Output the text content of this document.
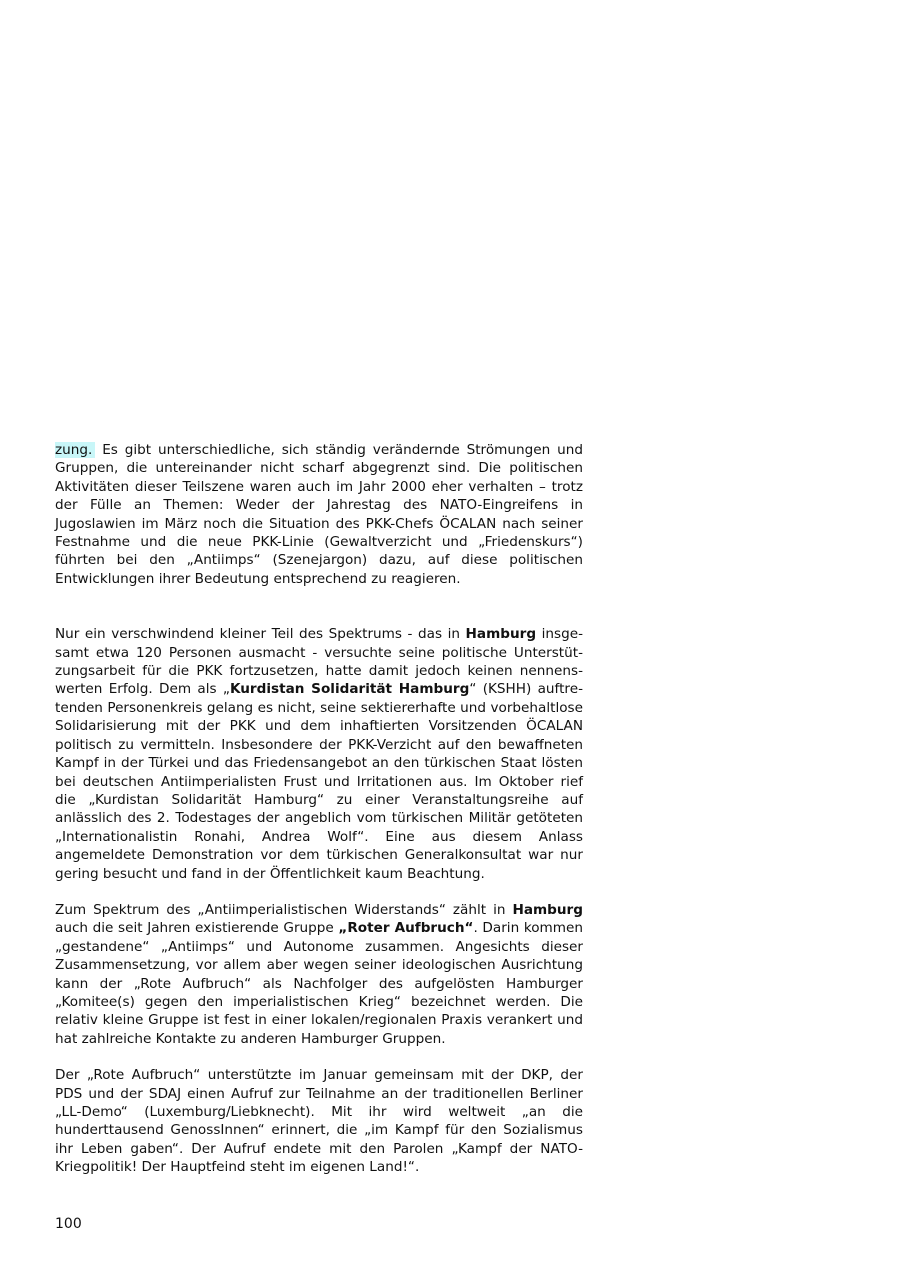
zung. Es gibt unterschiedliche, sich ständig verändernde Strömungen und Gruppen, die untereinander nicht scharf abgegrenzt sind. Die politischen Aktivitäten dieser Teilszene waren auch im Jahr 2000 eher verhalten – trotz der Fülle an Themen: Weder der Jahrestag des NATO-Eingreifens in Jugoslawien im März noch die Situation des PKK-Chefs ÖCALAN nach seiner Festnahme und die neue PKK-Linie (Gewaltverzicht und „Friedenskurs“) führten bei den „Antiimps“ (Szenejargon) dazu, auf diese politischen Entwicklungen ihrer Bedeutung entsprechend zu reagieren.

Nur ein verschwindend kleiner Teil des Spektrums - das in Hamburg insgesamt etwa 120 Personen ausmacht - versuchte seine politische Unterstützungsarbeit für die PKK fortzusetzen, hatte damit jedoch keinen nennenswerten Erfolg. Dem als „Kurdistan Solidarität Hamburg“ (KSHH) auftretenden Personenkreis gelang es nicht, seine sektiererhafte und vorbehaltlose Solidarisierung mit der PKK und dem inhaftierten Vorsitzenden ÖCALAN politisch zu vermitteln. Insbesondere der PKK-Verzicht auf den bewaffneten Kampf in der Türkei und das Friedensangebot an den türkischen Staat lösten bei deutschen Antiimperialisten Frust und Irritationen aus. Im Oktober rief die „Kurdistan Solidarität Hamburg“ zu einer Veranstaltungsreihe auf anlässlich des 2. Todestages der angeblich vom türkischen Militär getöteten „Internationalistin Ronahi, Andrea Wolf“. Eine aus diesem Anlass angemeldete Demonstration vor dem türkischen Generalkonsultat war nur gering besucht und fand in der Öffentlichkeit kaum Beachtung.

Zum Spektrum des „Antiimperialistischen Widerstands“ zählt in Hamburg auch die seit Jahren existierende Gruppe „Roter Aufbruch“. Darin kommen „gestandene“ „Antiimps“ und Autonome zusammen. Angesichts dieser Zusammensetzung, vor allem aber wegen seiner ideologischen Ausrichtung kann der „Rote Aufbruch“ als Nachfolger des aufgelösten Hamburger „Komitee(s) gegen den imperialistischen Krieg“ bezeichnet werden. Die relativ kleine Gruppe ist fest in einer lokalen/regionalen Praxis verankert und hat zahlreiche Kontakte zu anderen Hamburger Gruppen.

Der „Rote Aufbruch“ unterstützte im Januar gemeinsam mit der DKP, der PDS und der SDAJ einen Aufruf zur Teilnahme an der traditionellen Berliner „LL-Demo“ (Luxemburg/Liebknecht). Mit ihr wird weltweit „an die hunderttausend GenossInnen“ erinnert, die „im Kampf für den Sozialismus ihr Leben gaben“. Der Aufruf endete mit den Parolen „Kampf der NATO-Kriegpolitik! Der Hauptfeind steht im eigenen Land!“.

100
